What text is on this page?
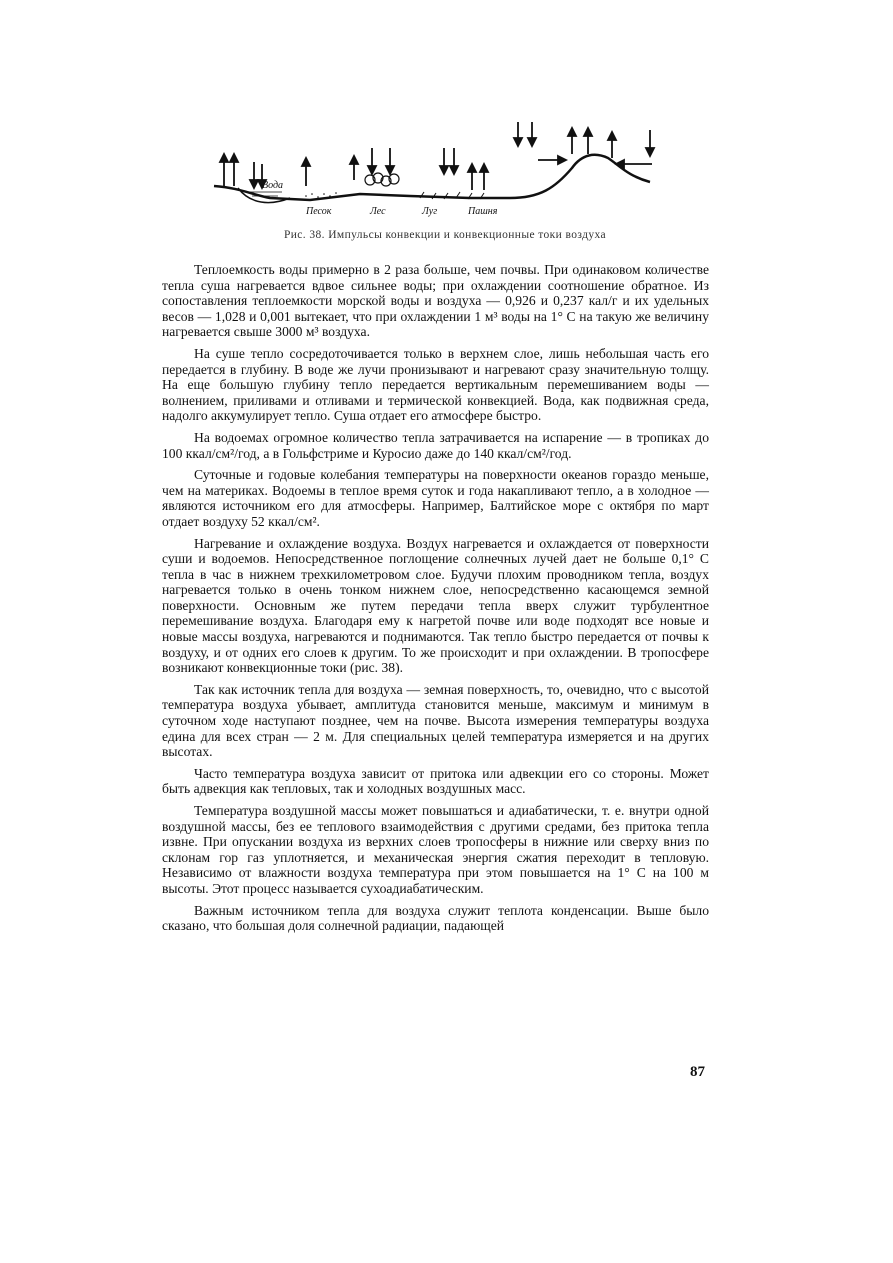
Вода
Песок	Лес	Луг	Пашня
Рис. 38. Импульсы конвекции и конвекционные токи воздуха

Теплоемкость воды примерно в 2 раза больше, чем почвы. При одинаковом количестве тепла суша нагревается вдвое сильнее воды; при охлаждении соотношение обратное. Из сопоставления теплоемкости морской воды и воздуха — 0,926 и 0,237 кал/г и их удельных весов — 1,028 и 0,001 вытекает, что при охлаждении 1 м³ воды на 1° С на такую же величину нагревается свыше 3000 м³ воздуха.

На суше тепло сосредоточивается только в верхнем слое, лишь небольшая часть его передается в глубину. В воде же лучи пронизывают и нагревают сразу значительную толщу. На еще большую глубину тепло передается вертикальным перемешиванием воды — волнением, приливами и отливами и термической конвекцией. Вода, как подвижная среда, надолго аккумулирует тепло. Суша отдает его атмосфере быстро.

На водоемах огромное количество тепла затрачивается на испарение — в тропиках до 100 ккал/см²/год, а в Гольфстриме и Куросио даже до 140 ккал/см²/год.

Суточные и годовые колебания температуры на поверхности океанов гораздо меньше, чем на материках. Водоемы в теплое время суток и года накапливают тепло, а в холодное — являются источником его для атмосферы. Например, Балтийское море с октября по март отдает воздуху 52 ккал/см².

Нагревание и охлаждение воздуха. Воздух нагревается и охлаждается от поверхности суши и водоемов. Непосредственное поглощение солнечных лучей дает не больше 0,1° С тепла в час в нижнем трехкилометровом слое. Будучи плохим проводником тепла, воздух нагревается только в очень тонком нижнем слое, непосредственно касающемся земной поверхности. Основным же путем передачи тепла вверх служит турбулентное перемешивание воздуха. Благодаря ему к нагретой почве или воде подходят все новые и новые массы воздуха, нагреваются и поднимаются. Так тепло быстро передается от почвы к воздуху, и от одних его слоев к другим. То же происходит и при охлаждении. В тропосфере возникают конвекционные токи (рис. 38).

Так как источник тепла для воздуха — земная поверхность, то, очевидно, что с высотой температура воздуха убывает, амплитуда становится меньше, максимум и минимум в суточном ходе наступают позднее, чем на почве. Высота измерения температуры воздуха едина для всех стран — 2 м. Для специальных целей температура измеряется и на других высотах.

Часто температура воздуха зависит от притока или адвекции его со стороны. Может быть адвекция как тепловых, так и холодных воздушных масс.

Температура воздушной массы может повышаться и адиабатически, т. е. внутри одной воздушной массы, без ее теплового взаимодействия с другими средами, без притока тепла извне. При опускании воздуха из верхних слоев тропосферы в нижние или сверху вниз по склонам гор газ уплотняется, и механическая энергия сжатия переходит в тепловую. Независимо от влажности воздуха температура при этом повышается на 1° С на 100 м высоты. Этот процесс называется сухоадиабатическим.

Важным источником тепла для воздуха служит теплота конденсации. Выше было сказано, что большая доля солнечной радиации, падающей

87
